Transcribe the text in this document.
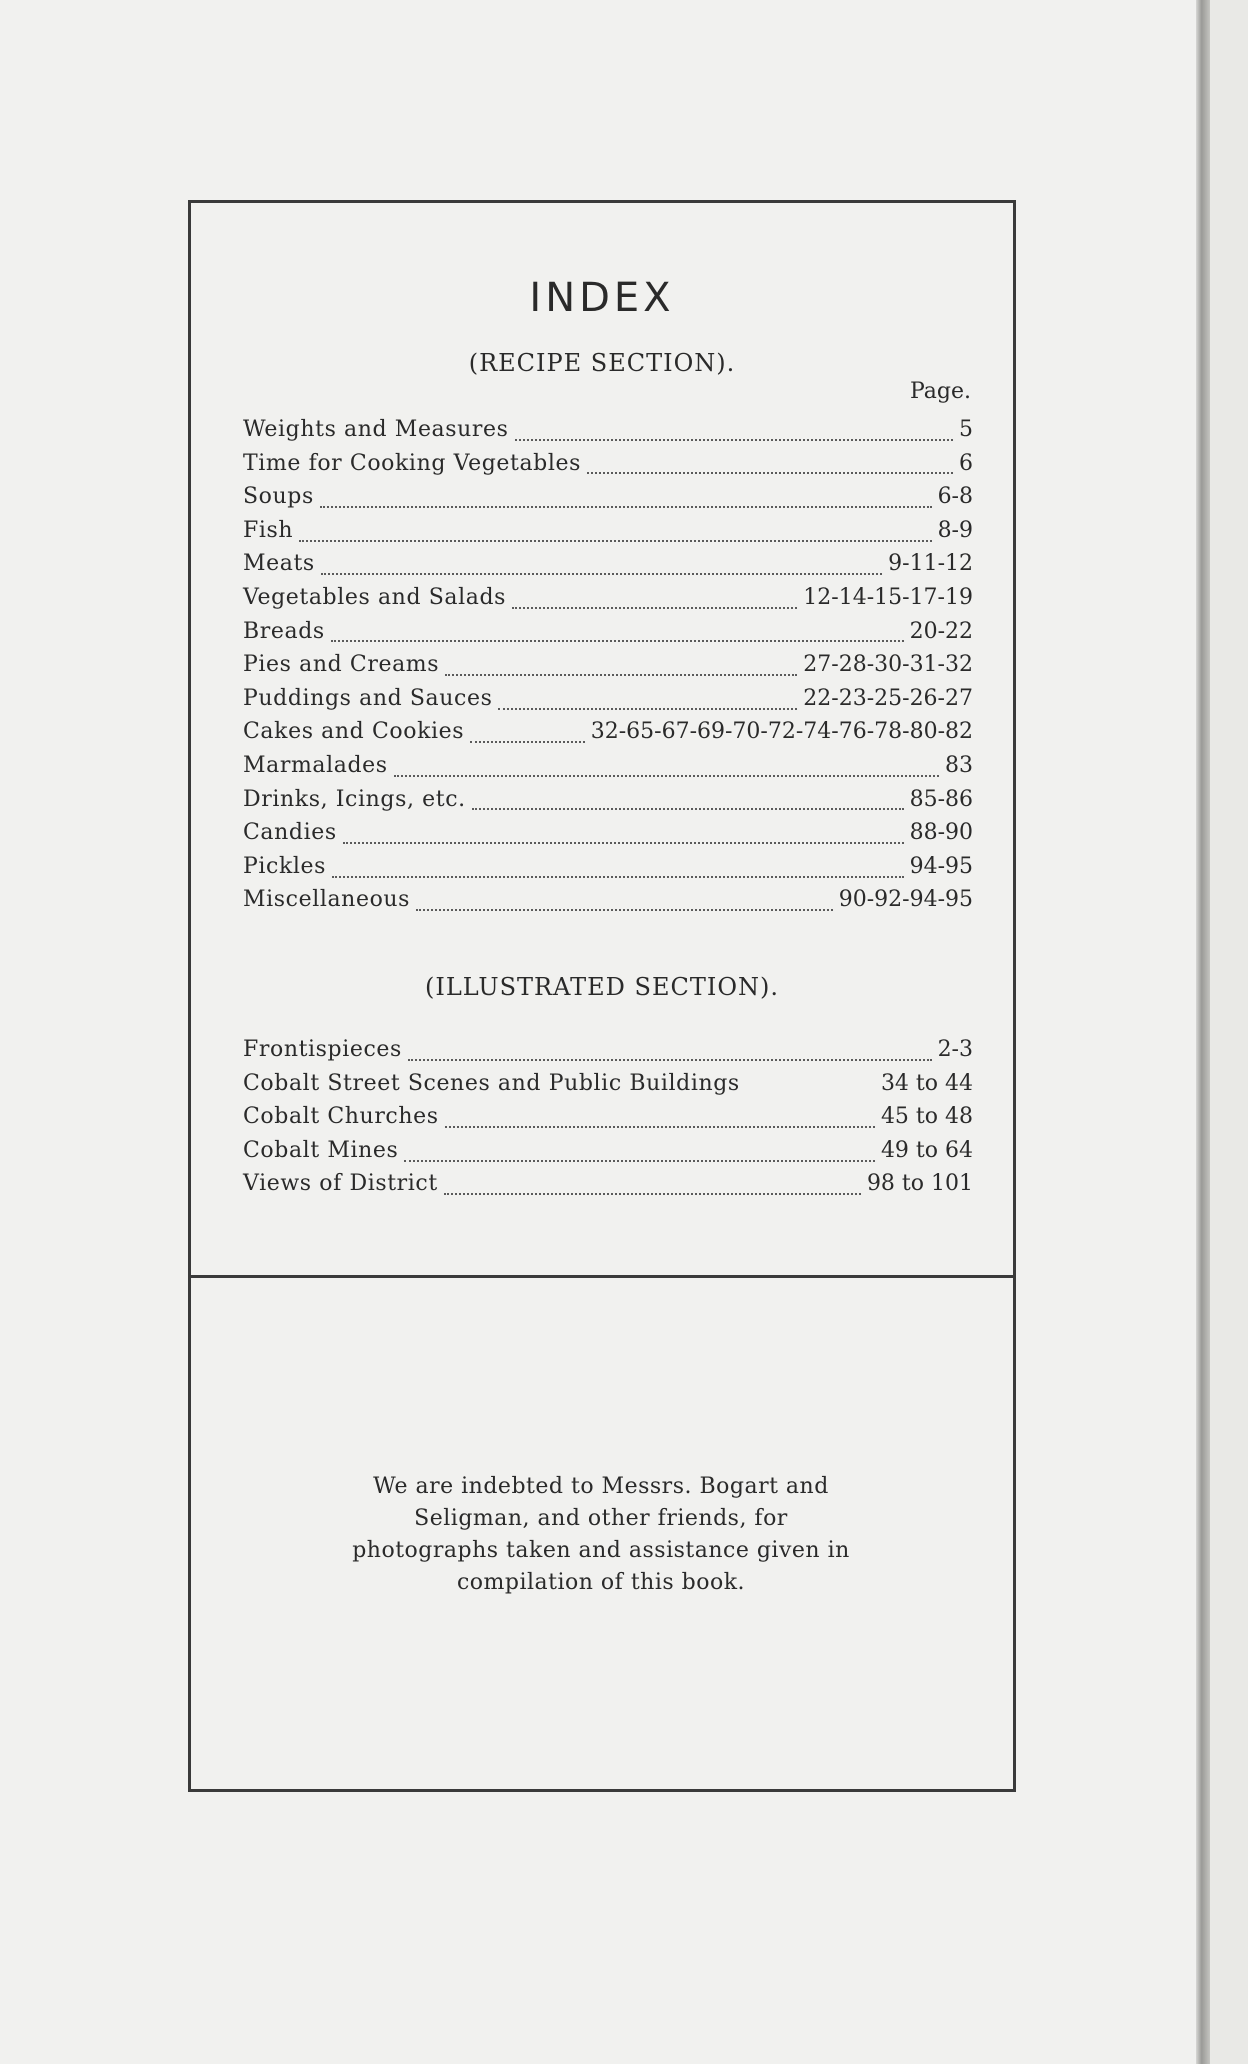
INDEX
(RECIPE SECTION).
Page.
Weights and Measures	5
Time for Cooking Vegetables	6
Soups	6-8
Fish	8-9
Meats	9-11-12
Vegetables and Salads	12-14-15-17-19
Breads	20-22
Pies and Creams	27-28-30-31-32
Puddings and Sauces	22-23-25-26-27
Cakes and Cookies	32-65-67-69-70-72-74-76-78-80-82
Marmalades	83
Drinks, Icings, etc.	85-86
Candies	88-90
Pickles	94-95
Miscellaneous	90-92-94-95
(ILLUSTRATED SECTION).
Frontispieces	2-3
Cobalt Street Scenes and Public Buildings	34 to 44
Cobalt Churches	45 to 48
Cobalt Mines	49 to 64
Views of District	98 to 101
We are indebted to Messrs. Bogart and Seligman, and other friends, for photographs taken and assistance given in compilation of this book.
